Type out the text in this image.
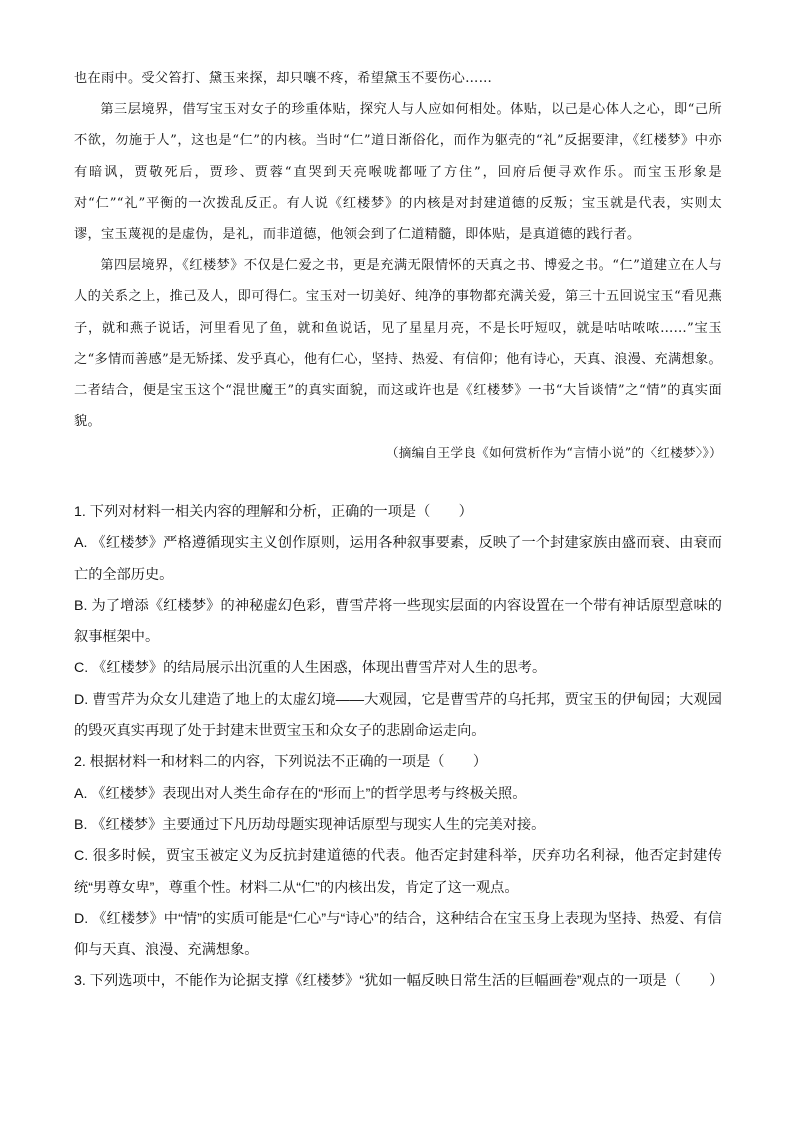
也在雨中。受父笞打、黛玉来探，却只嚷不疼，希望黛玉不要伤心……

第三层境界，借写宝玉对女子的珍重体贴，探究人与人应如何相处。体贴，以己是心体人之心，即“己所不欲，勿施于人”，这也是“仁”的内核。当时“仁”道日渐俗化，而作为躯壳的“礼”反据要津，《红楼梦》中亦有暗讽，贾敬死后，贾珍、贾蓉“直哭到天亮喉咙都哑了方住”，回府后便寻欢作乐。而宝玉形象是对“仁”“礼”平衡的一次拨乱反正。有人说《红楼梦》的内核是对封建道德的反叛；宝玉就是代表，实则太谬，宝玉蔑视的是虚伪，是礼，而非道德，他领会到了仁道精髓，即体贴，是真道德的践行者。

第四层境界，《红楼梦》不仅是仁爱之书，更是充满无限情怀的天真之书、博爱之书。“仁”道建立在人与人的关系之上，推己及人，即可得仁。宝玉对一切美好、纯净的事物都充满关爱，第三十五回说宝玉“看见燕子，就和燕子说话，河里看见了鱼，就和鱼说话，见了星星月亮，不是长吁短叹，就是咕咕哝哝……”宝玉之“多情而善感”是无矫揉、发乎真心，他有仁心，坚持、热爱、有信仰；他有诗心，天真、浪漫、充满想象。二者结合，便是宝玉这个“混世魔王”的真实面貌，而这或许也是《红楼梦》一书“大旨谈情”之“情”的真实面貌。

（摘编自王学良《如何赏析作为“言情小说”的〈红楼梦〉》）

1. 下列对材料一相关内容的理解和分析，正确的一项是（　　）

A. 《红楼梦》严格遵循现实主义创作原则，运用各种叙事要素，反映了一个封建家族由盛而衰、由衰而亡的全部历史。

B. 为了增添《红楼梦》的神秘虚幻色彩，曹雪芹将一些现实层面的内容设置在一个带有神话原型意味的叙事框架中。

C. 《红楼梦》的结局展示出沉重的人生困惑，体现出曹雪芹对人生的思考。

D. 曹雪芹为众女儿建造了地上的太虚幻境——大观园，它是曹雪芹的乌托邦，贾宝玉的伊甸园；大观园的毁灭真实再现了处于封建末世贾宝玉和众女子的悲剧命运走向。

2. 根据材料一和材料二的内容，下列说法不正确的一项是（　　）

A. 《红楼梦》表现出对人类生命存在的“形而上”的哲学思考与终极关照。

B. 《红楼梦》主要通过下凡历劫母题实现神话原型与现实人生的完美对接。

C. 很多时候，贾宝玉被定义为反抗封建道德的代表。他否定封建科举，厌弃功名利禄，他否定封建传统“男尊女卑”，尊重个性。材料二从“仁”的内核出发，肯定了这一观点。

D. 《红楼梦》中“情”的实质可能是“仁心”与“诗心”的结合，这种结合在宝玉身上表现为坚持、热爱、有信仰与天真、浪漫、充满想象。

3. 下列选项中，不能作为论据支撑《红楼梦》“犹如一幅反映日常生活的巨幅画卷”观点的一项是（　　）
